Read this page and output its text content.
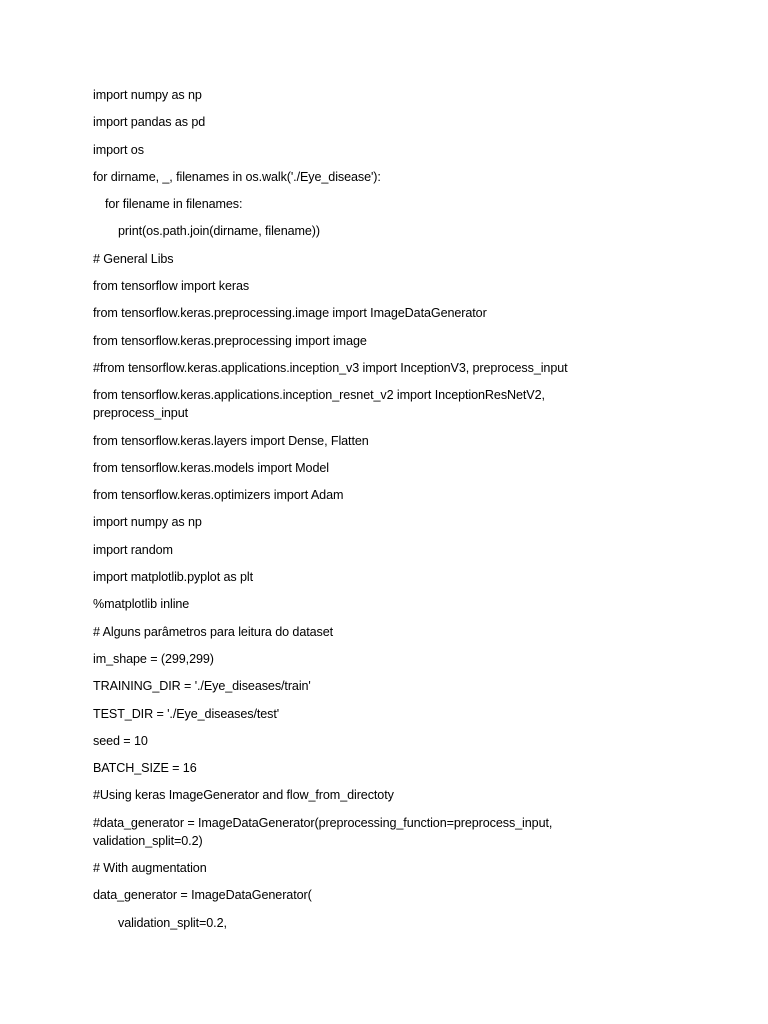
import numpy as np
import pandas as pd
import os
for dirname, _, filenames in os.walk('./Eye_disease'):
for filename in filenames:
print(os.path.join(dirname, filename))
# General Libs
from tensorflow import keras
from tensorflow.keras.preprocessing.image import ImageDataGenerator
from tensorflow.keras.preprocessing import image
#from tensorflow.keras.applications.inception_v3 import InceptionV3, preprocess_input
from tensorflow.keras.applications.inception_resnet_v2 import InceptionResNetV2,
preprocess_input
from tensorflow.keras.layers import Dense, Flatten
from tensorflow.keras.models import Model
from tensorflow.keras.optimizers import Adam
import numpy as np
import random
import matplotlib.pyplot as plt
%matplotlib inline
# Alguns parâmetros para leitura do dataset
im_shape = (299,299)
TRAINING_DIR = './Eye_diseases/train'
TEST_DIR = './Eye_diseases/test'
seed = 10
BATCH_SIZE = 16
#Using keras ImageGenerator and flow_from_directoty
#data_generator = ImageDataGenerator(preprocessing_function=preprocess_input,
validation_split=0.2)
# With augmentation
data_generator = ImageDataGenerator(
validation_split=0.2,
